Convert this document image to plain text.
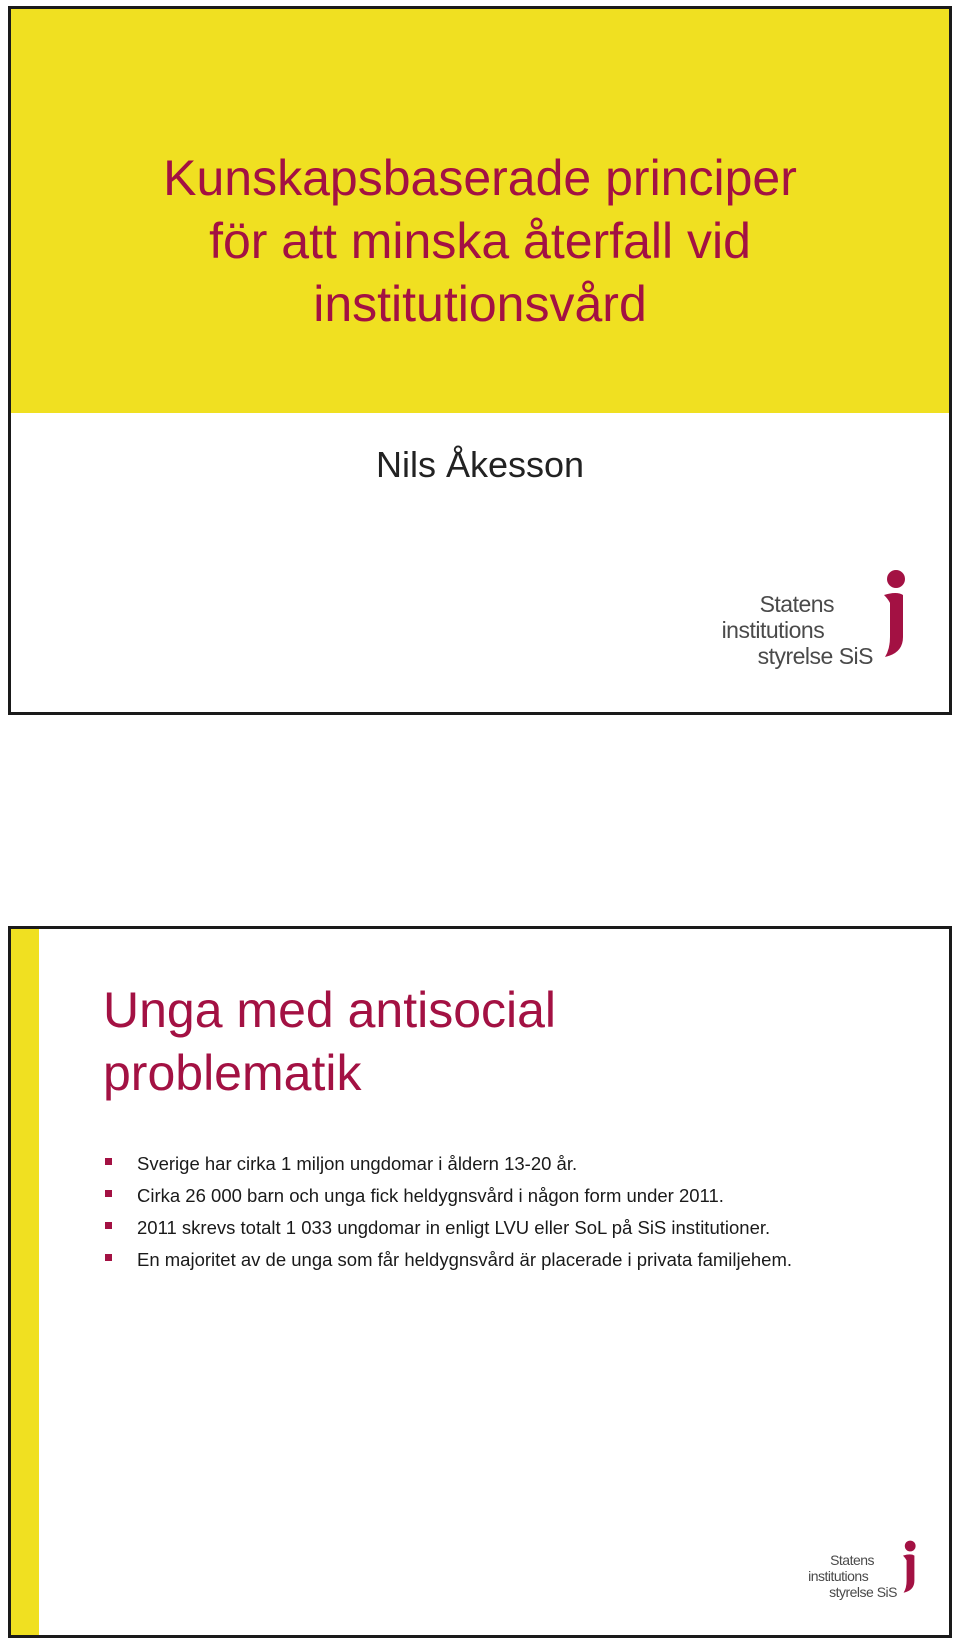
Kunskapsbaserade principer
för att minska återfall vid
institutionsvård
Nils Åkesson
Statens
institutions
styrelse SiS
Unga med antisocial
problematik
Sverige har cirka 1 miljon ungdomar i åldern 13-20 år.
Cirka 26 000 barn och unga fick heldygnsvård i någon form under 2011.
2011 skrevs totalt 1 033 ungdomar in enligt LVU eller SoL på SiS institutioner.
En majoritet av de unga som får heldygnsvård är placerade i privata familjehem.
Statens
institutions
styrelse SiS
